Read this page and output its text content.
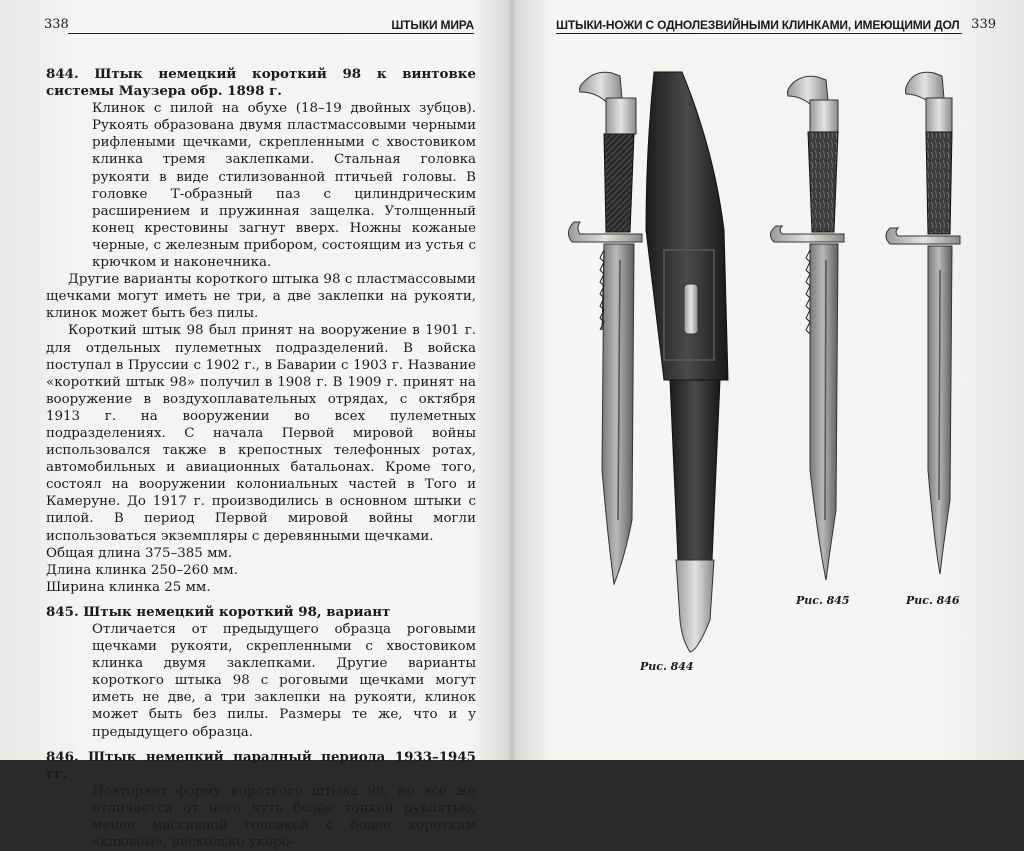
338	ШТЫКИ МИРА

844. Штык немецкий короткий 98 к винтовке системы Маузера обр. 1898 г.

Клинок с пилой на обухе (18–19 двойных зубцов). Рукоять образована двумя пластмассовыми черными рифлеными щечками, скрепленными с хвостовиком клинка тремя заклепками. Стальная головка рукояти в виде стилизованной птичьей головы. В головке Т-образный паз с цилиндрическим расширением и пружинная защелка. Утолщенный конец крестовины загнут вверх. Ножны кожаные черные, с железным прибором, состоящим из устья с крючком и наконечника.

Другие варианты короткого штыка 98 с пластмассовыми щечками могут иметь не три, а две заклепки на рукояти, клинок может быть без пилы.

Короткий штык 98 был принят на вооружение в 1901 г. для отдельных пулеметных подразделений. В войска поступал в Пруссии с 1902 г., в Баварии с 1903 г. Название «короткий штык 98» получил в 1908 г. В 1909 г. принят на вооружение в воздухоплавательных отрядах, с октября 1913 г. на вооружении во всех пулеметных подразделениях. С начала Первой мировой войны использовался также в крепостных телефонных ротах, автомобильных и авиационных батальонах. Кроме того, состоял на вооружении колониальных частей в Того и Камеруне. До 1917 г. производились в основном штыки с пилой. В период Первой мировой войны могли использоваться экземпляры с деревянными щечками.

Общая длина 375–385 мм.

Длина клинка 250–260 мм.

Ширина клинка 25 мм.

845. Штык немецкий короткий 98, вариант

Отличается от предыдущего образца роговыми щечками рукояти, скрепленными с хвостовиком клинка двумя заклепками. Другие варианты короткого штыка 98 с роговыми щечками могут иметь не две, а три заклепки на рукояти, клинок может быть без пилы. Размеры те же, что и у предыдущего образца.

846. Штык немецкий парадный периода 1933–1945 гг.

Повторяет форму короткого штыка 98, но все же отличается от него чуть более тонкой рукоятью, менее массивной головкой с более коротким «клювом», несколько укоро-

ШТЫКИ-НОЖИ С ОДНОЛЕЗВИЙНЫМИ КЛИНКАМИ, ИМЕЮЩИМИ ДОЛ 339
Рис. 844
Рис. 845	Рис. 846
